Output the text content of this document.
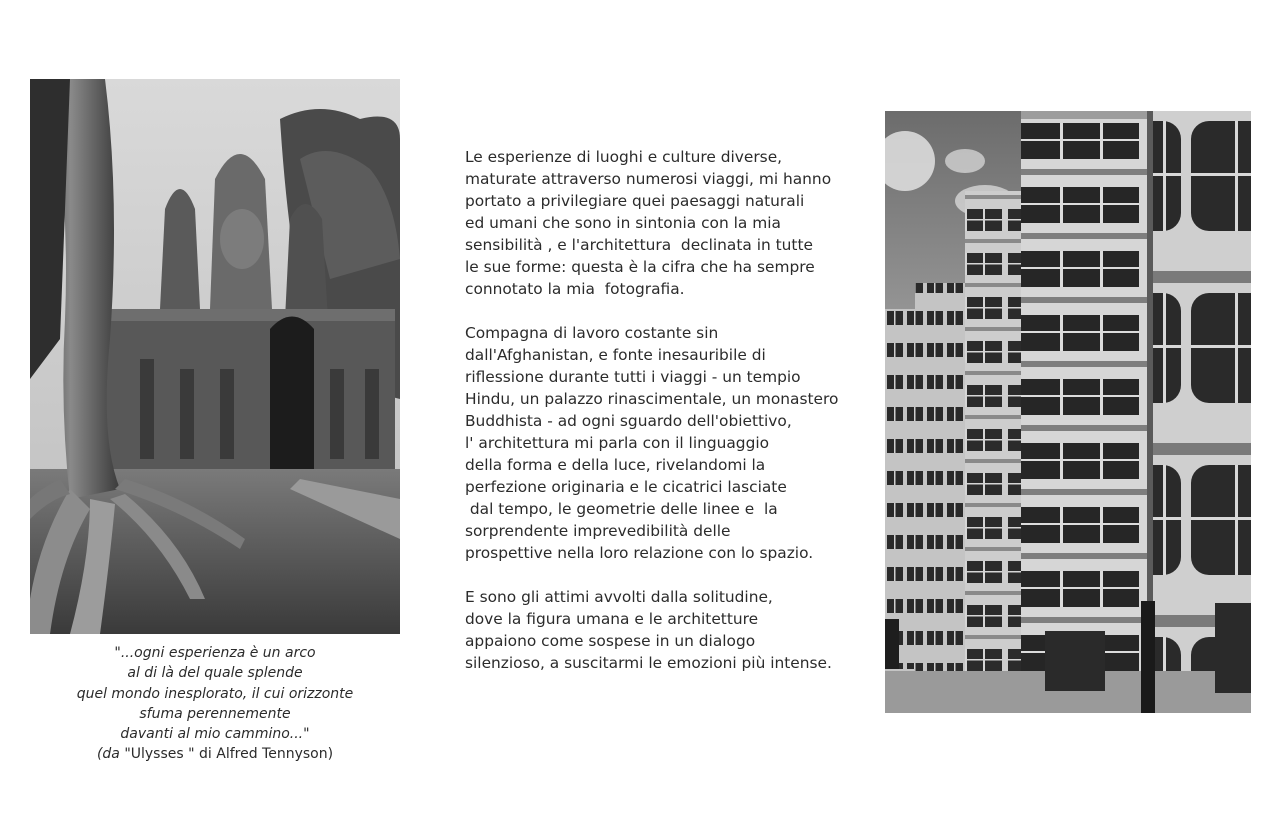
"...ogni esperienza è un arco
al di là del quale splende
quel mondo inesplorato, il cui orizzonte
sfuma perennemente
davanti al mio cammino..."
(da "Ulysses " di Alfred Tennyson)
Le esperienze di luoghi e culture diverse,
maturate attraverso numerosi viaggi, mi hanno
portato a privilegiare quei paesaggi naturali
ed umani che sono in sintonia con la mia
sensibilità , e l'architettura  declinata in tutte
le sue forme: questa è la cifra che ha sempre
connotato la mia  fotografia.
Compagna di lavoro costante sin
dall'Afghanistan, e fonte inesauribile di
riflessione durante tutti i viaggi - un tempio
Hindu, un palazzo rinascimentale, un monastero
Buddhista - ad ogni sguardo dell'obiettivo,
l' architettura mi parla con il linguaggio
della forma e della luce, rivelandomi la
perfezione originaria e le cicatrici lasciate
dal tempo, le geometrie delle linee e  la
sorprendente imprevedibilità delle
prospettive nella loro relazione con lo spazio.
E sono gli attimi avvolti dalla solitudine,
dove la figura umana e le architetture
appaiono come sospese in un dialogo
silenzioso, a suscitarmi le emozioni più intense.
